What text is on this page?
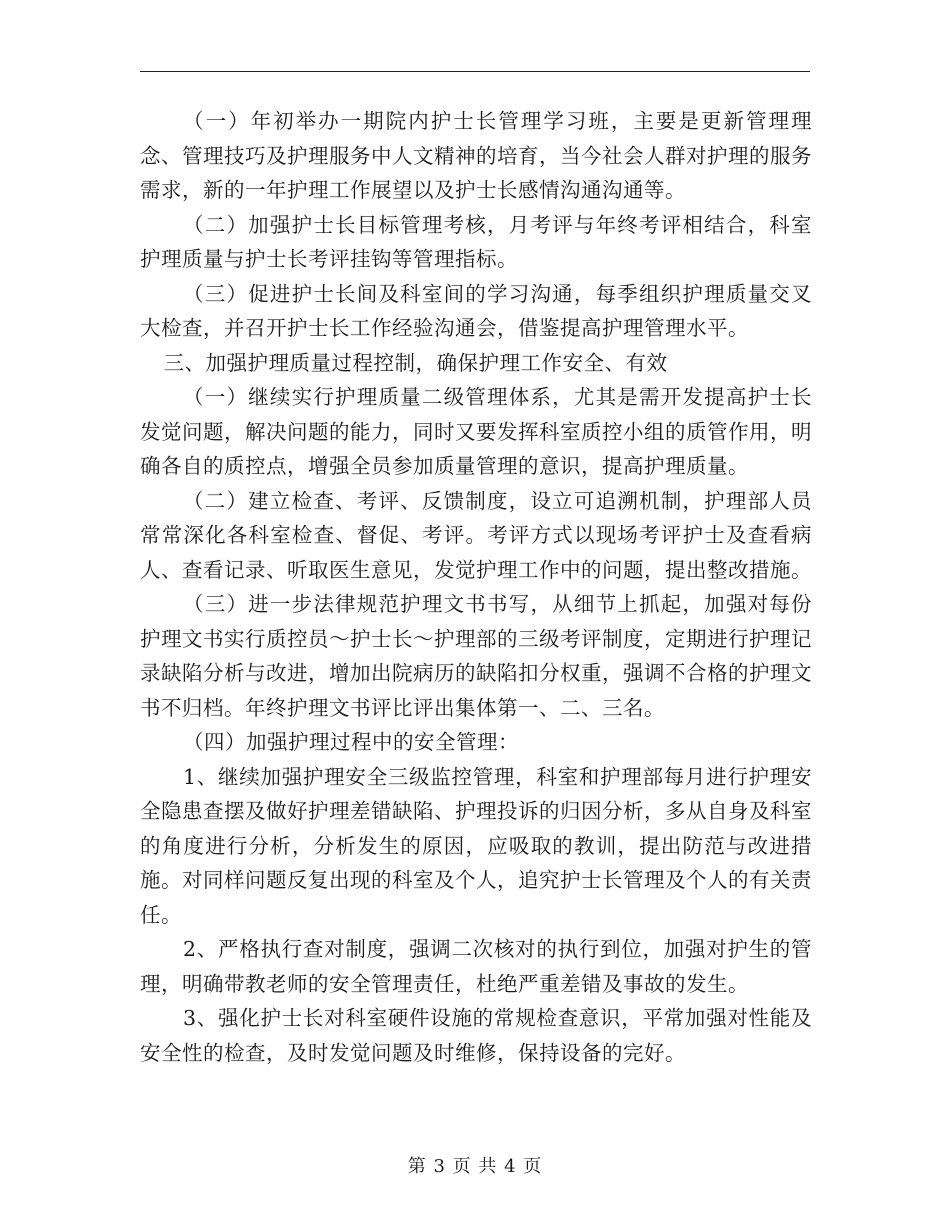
（一）年初举办一期院内护士长管理学习班，主要是更新管理理念、管理技巧及护理服务中人文精神的培育，当今社会人群对护理的服务需求，新的一年护理工作展望以及护士长感情沟通沟通等。

（二）加强护士长目标管理考核，月考评与年终考评相结合，科室护理质量与护士长考评挂钩等管理指标。

（三）促进护士长间及科室间的学习沟通，每季组织护理质量交叉大检查，并召开护士长工作经验沟通会，借鉴提高护理管理水平。

三、加强护理质量过程控制，确保护理工作安全、有效

（一）继续实行护理质量二级管理体系，尤其是需开发提高护士长发觉问题，解决问题的能力，同时又要发挥科室质控小组的质管作用，明确各自的质控点，增强全员参加质量管理的意识，提高护理质量。

（二）建立检查、考评、反馈制度，设立可追溯机制，护理部人员常常深化各科室检查、督促、考评。考评方式以现场考评护士及查看病人、查看记录、听取医生意见，发觉护理工作中的问题，提出整改措施。

（三）进一步法律规范护理文书书写，从细节上抓起，加强对每份护理文书实行质控员～护士长～护理部的三级考评制度，定期进行护理记录缺陷分析与改进，增加出院病历的缺陷扣分权重，强调不合格的护理文书不归档。年终护理文书评比评出集体第一、二、三名。

（四）加强护理过程中的安全管理：

1、继续加强护理安全三级监控管理，科室和护理部每月进行护理安全隐患查摆及做好护理差错缺陷、护理投诉的归因分析，多从自身及科室的角度进行分析，分析发生的原因，应吸取的教训，提出防范与改进措施。对同样问题反复出现的科室及个人，追究护士长管理及个人的有关责任。

2、严格执行查对制度，强调二次核对的执行到位，加强对护生的管理，明确带教老师的安全管理责任，杜绝严重差错及事故的发生。

3、强化护士长对科室硬件设施的常规检查意识，平常加强对性能及安全性的检查，及时发觉问题及时维修，保持设备的完好。

第 3 页 共 4 页
